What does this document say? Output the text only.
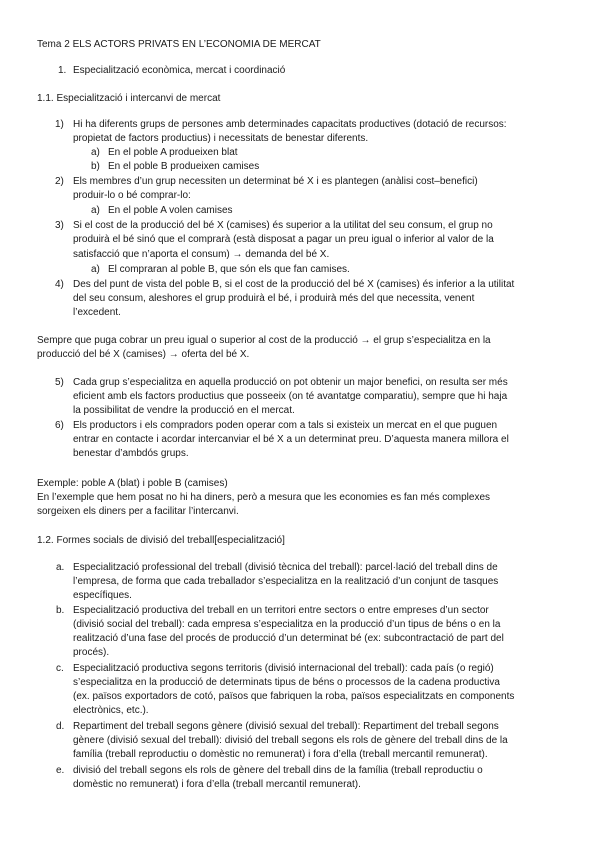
Tema 2 ELS ACTORS PRIVATS EN L’ECONOMIA DE MERCAT
1. Especialització econòmica, mercat i coordinació
1.1. Especialització i intercanvi de mercat
1) Hi ha diferents grups de persones amb determinades capacitats productives (dotació de recursos:
propietat de factors productius) i necessitats de benestar diferents.
a) En el poble A produeixen blat
b) En el poble B produeixen camises
2) Els membres d’un grup necessiten un determinat bé X i es plantegen (anàlisi cost–benefici)
produir-lo o bé comprar-lo:
a) En el poble A volen camises
3) Si el cost de la producció del bé X (camises) és superior a la utilitat del seu consum, el grup no
produirà el bé sinó que el comprarà (està disposat a pagar un preu igual o inferior al valor de la
satisfacció que n’aporta el consum) → demanda del bé X.
a) El compraran al poble B, que són els que fan camises.
4) Des del punt de vista del poble B, si el cost de la producció del bé X (camises) és inferior a la utilitat
del seu consum, aleshores el grup produirà el bé, i produirà més del que necessita, venent
l’excedent.
Sempre que puga cobrar un preu igual o superior al cost de la producció → el grup s’especialitza en la
producció del bé X (camises) → oferta del bé X.
5) Cada grup s’especialitza en aquella producció on pot obtenir un major benefici, on resulta ser més
eficient amb els factors productius que posseeix (on té avantatge comparatiu), sempre que hi haja
la possibilitat de vendre la producció en el mercat.
6) Els productors i els compradors poden operar com a tals si existeix un mercat en el que puguen
entrar en contacte i acordar intercanviar el bé X a un determinat preu. D’aquesta manera millora el
benestar d’ambdós grups.
Exemple: poble A (blat) i poble B (camises)
En l’exemple que hem posat no hi ha diners, però a mesura que les economies es fan més complexes
sorgeixen els diners per a facilitar l’intercanvi.
1.2. Formes socials de divisió del treball[especialització]
a. Especialització professional del treball (divisió tècnica del treball): parcel·lació del treball dins de
l’empresa, de forma que cada treballador s’especialitza en la realització d’un conjunt de tasques
específiques.
b. Especialització productiva del treball en un territori entre sectors o entre empreses d’un sector
(divisió social del treball): cada empresa s’especialitza en la producció d’un tipus de béns o en la
realització d’una fase del procés de producció d’un determinat bé (ex: subcontractació de part del
procés).
c. Especialització productiva segons territoris (divisió internacional del treball): cada país (o regió)
s’especialitza en la producció de determinats tipus de béns o processos de la cadena productiva
(ex. països exportadors de cotó, països que fabriquen la roba, països especialitzats en components
electrònics, etc.).
d. Repartiment del treball segons gènere (divisió sexual del treball): Repartiment del treball segons
gènere (divisió sexual del treball): divisió del treball segons els rols de gènere del treball dins de la
família (treball reproductiu o domèstic no remunerat) i fora d’ella (treball mercantil remunerat).
e. divisió del treball segons els rols de gènere del treball dins de la família (treball reproductiu o
domèstic no remunerat) i fora d’ella (treball mercantil remunerat).
